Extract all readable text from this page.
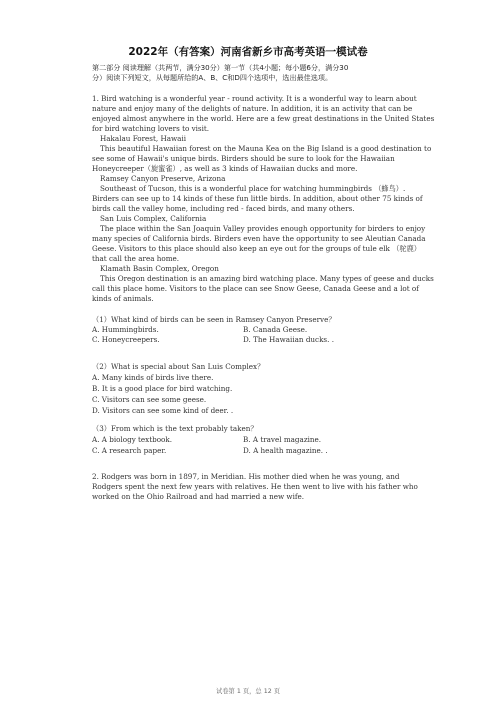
2022年（有答案）河南省新乡市高考英语一模试卷
第二部分 阅读理解（共两节，满分30分）第一节（共4小题；每小题6分，满分30
分）阅读下列短文，从每题所给的A、B、C和D四个选项中，选出最佳选项。
1. Bird watching is a wonderful year - round activity. It is a wonderful way to learn about
nature and enjoy many of the delights of nature. In addition, it is an activity that can be
enjoyed almost anywhere in the world. Here are a few great destinations in the United States
for bird watching lovers to visit.
Hakalau Forest, Hawaii
This beautiful Hawaiian forest on the Mauna Kea on the Big Island is a good destination to
see some of Hawaii's unique birds. Birders should be sure to look for the Hawaiian
Honeycreeper（旋蜜雀）, as well as 3 kinds of Hawaiian ducks and more.
Ramsey Canyon Preserve, Arizona
Southeast of Tucson, this is a wonderful place for watching hummingbirds （蜂鸟）.
Birders can see up to 14 kinds of these fun little birds. In addition, about other 75 kinds of
birds call the valley home, including red - faced birds, and many others.
San Luis Complex, California
The place within the San Joaquin Valley provides enough opportunity for birders to enjoy
many species of California birds. Birders even have the opportunity to see Aleutian Canada
Geese. Visitors to this place should also keep an eye out for the groups of tule elk （驼鹿）
that call the area home.
Klamath Basin Complex, Oregon
This Oregon destination is an amazing bird watching place. Many types of geese and ducks
call this place home. Visitors to the place can see Snow Geese, Canada Geese and a lot of
kinds of animals.
（1）What kind of birds can be seen in Ramsey Canyon Preserve？
A. Hummingbirds.	B. Canada Geese.
C. Honeycreepers.	D. The Hawaiian ducks. .
（2）What is special about San Luis Complex？
A. Many kinds of birds live there.
B. It is a good place for bird watching.
C. Visitors can see some geese.
D. Visitors can see some kind of deer. .
（3）From which is the text probably taken？
A. A biology textbook.	B. A travel magazine.
C. A research paper.	D. A health magazine. .
2. Rodgers was born in 1897, in Meridian. His mother died when he was young, and
Rodgers spent the next few years with relatives. He then went to live with his father who
worked on the Ohio Railroad and had married a new wife.
试卷第 1 页，总 12 页
